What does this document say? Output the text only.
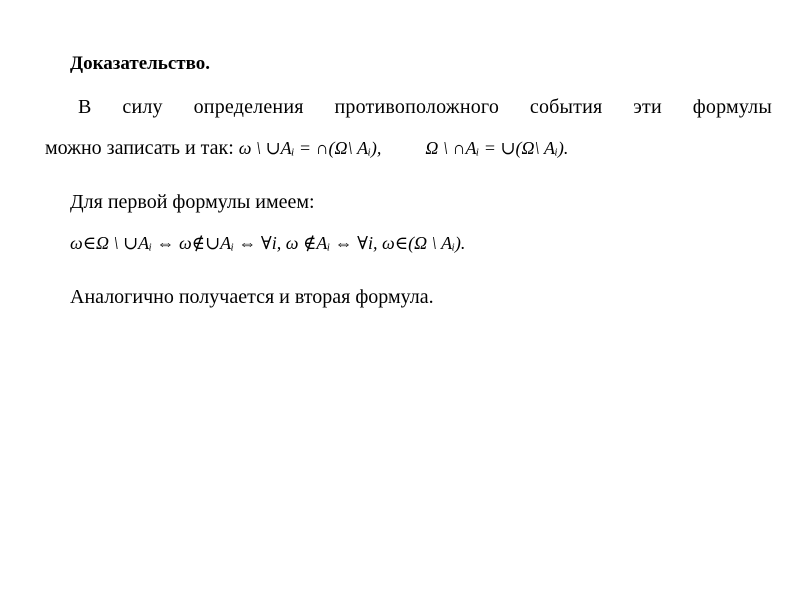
Доказательство.
В силу определения противоположного события эти формулы
можно записать и так: ω \ ∪Aᵢ = ∩(Ω\ Aᵢ), Ω \ ∩Aᵢ = ∪(Ω\ Aᵢ).
Для первой формулы имеем:
ω∈Ω \ ∪Aᵢ ⇔ ω∉∪Aᵢ ⇔ ∀i, ω ∉Aᵢ ⇔ ∀i, ω∈(Ω \ Aᵢ).
Аналогично получается и вторая формула.
